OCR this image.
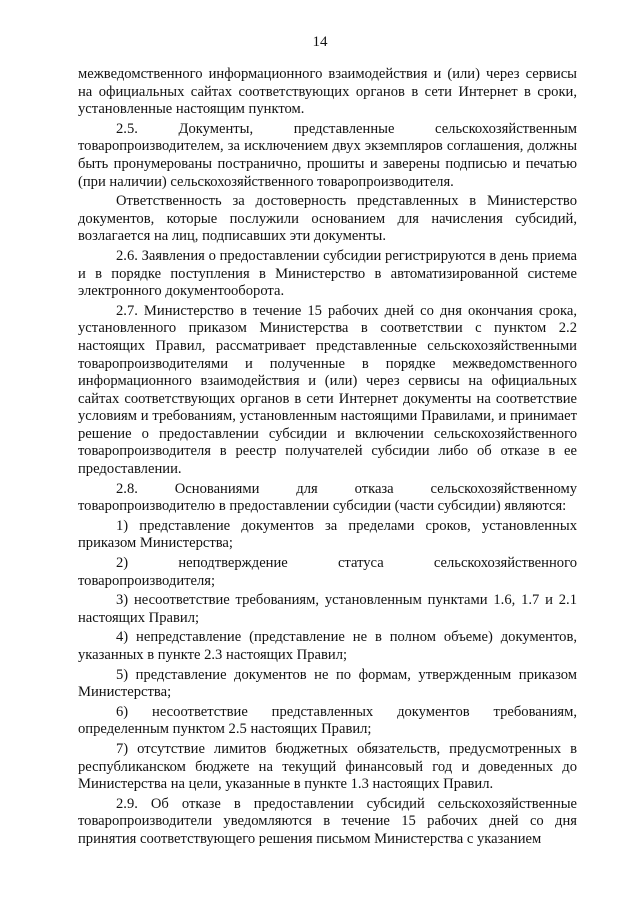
14

межведомственного информационного взаимодействия и (или) через сервисы на официальных сайтах соответствующих органов в сети Интернет в сроки, установленные настоящим пунктом.

2.5. Документы, представленные сельскохозяйственным товаропроизводителем, за исключением двух экземпляров соглашения, должны быть пронумерованы постранично, прошиты и заверены подписью и печатью (при наличии) сельскохозяйственного товаропроизводителя.

Ответственность за достоверность представленных в Министерство документов, которые послужили основанием для начисления субсидий, возлагается на лиц, подписавших эти документы.

2.6. Заявления о предоставлении субсидии регистрируются в день приема и в порядке поступления в Министерство в автоматизированной системе электронного документооборота.

2.7. Министерство в течение 15 рабочих дней со дня окончания срока, установленного приказом Министерства в соответствии с пунктом 2.2 настоящих Правил, рассматривает представленные сельскохозяйственными товаропроизводителями и полученные в порядке межведомственного информационного взаимодействия и (или) через сервисы на официальных сайтах соответствующих органов в сети Интернет документы на соответствие условиям и требованиям, установленным настоящими Правилами, и принимает решение о предоставлении субсидии и включении сельскохозяйственного товаропроизводителя в реестр получателей субсидии либо об отказе в ее предоставлении.

2.8. Основаниями для отказа сельскохозяйственному товаропроизводителю в предоставлении субсидии (части субсидии) являются:

1) представление документов за пределами сроков, установленных приказом Министерства;

2) неподтверждение статуса сельскохозяйственного товаропроизводителя;

3) несоответствие требованиям, установленным пунктами 1.6, 1.7 и 2.1 настоящих Правил;

4) непредставление (представление не в полном объеме) документов, указанных в пункте 2.3 настоящих Правил;

5) представление документов не по формам, утвержденным приказом Министерства;

6) несоответствие представленных документов требованиям, определенным пунктом 2.5 настоящих Правил;

7) отсутствие лимитов бюджетных обязательств, предусмотренных в республиканском бюджете на текущий финансовый год и доведенных до Министерства на цели, указанные в пункте 1.3 настоящих Правил.

2.9. Об отказе в предоставлении субсидий сельскохозяйственные товаропроизводители уведомляются в течение 15 рабочих дней со дня принятия соответствующего решения письмом Министерства с указанием
